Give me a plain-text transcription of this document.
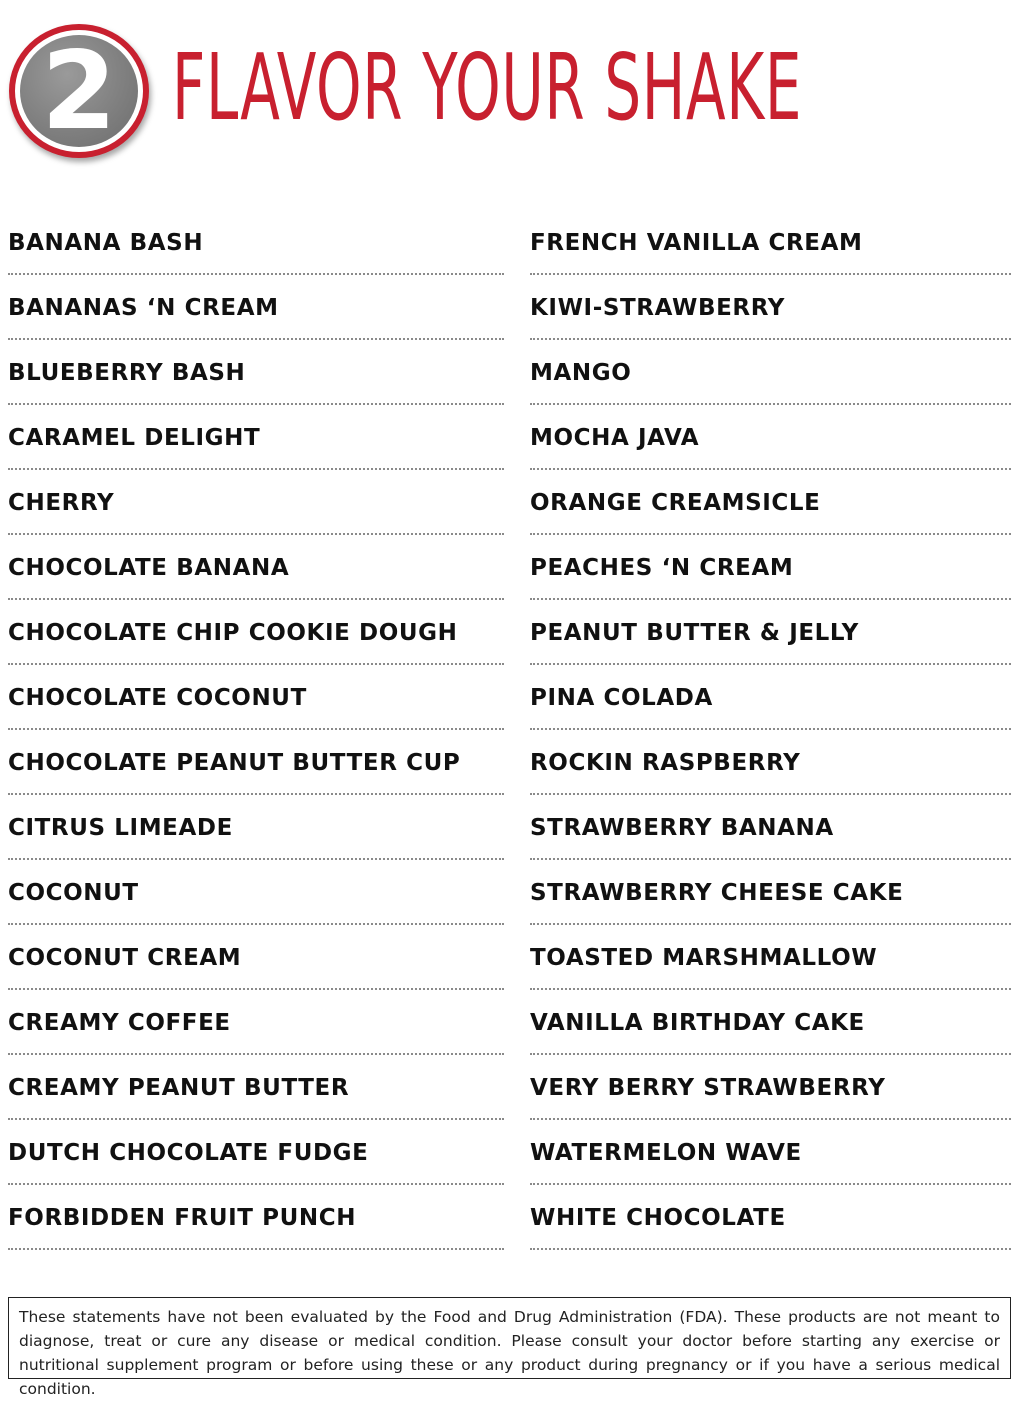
2 FLAVOR YOUR SHAKE
BANANA BASH	FRENCH VANILLA CREAM
BANANAS ‘N CREAM	KIWI-STRAWBERRY
BLUEBERRY BASH	MANGO
CARAMEL DELIGHT	MOCHA JAVA
CHERRY	ORANGE CREAMSICLE
CHOCOLATE BANANA	PEACHES ‘N CREAM
CHOCOLATE CHIP COOKIE DOUGH	PEANUT BUTTER & JELLY
CHOCOLATE COCONUT	PINA COLADA
CHOCOLATE PEANUT BUTTER CUP	ROCKIN RASPBERRY
CITRUS LIMEADE	STRAWBERRY BANANA
COCONUT	STRAWBERRY CHEESE CAKE
COCONUT CREAM	TOASTED MARSHMALLOW
CREAMY COFFEE	VANILLA BIRTHDAY CAKE
CREAMY PEANUT BUTTER	VERY BERRY STRAWBERRY
DUTCH CHOCOLATE FUDGE	WATERMELON WAVE
FORBIDDEN FRUIT PUNCH	WHITE CHOCOLATE

These statements have not been evaluated by the Food and Drug Administration (FDA). These products are not meant to diagnose, treat or cure any disease or medical condition. Please consult your doctor before starting any exercise or nutritional supplement program or before using these or any product during pregnancy or if you have a serious medical condition.
